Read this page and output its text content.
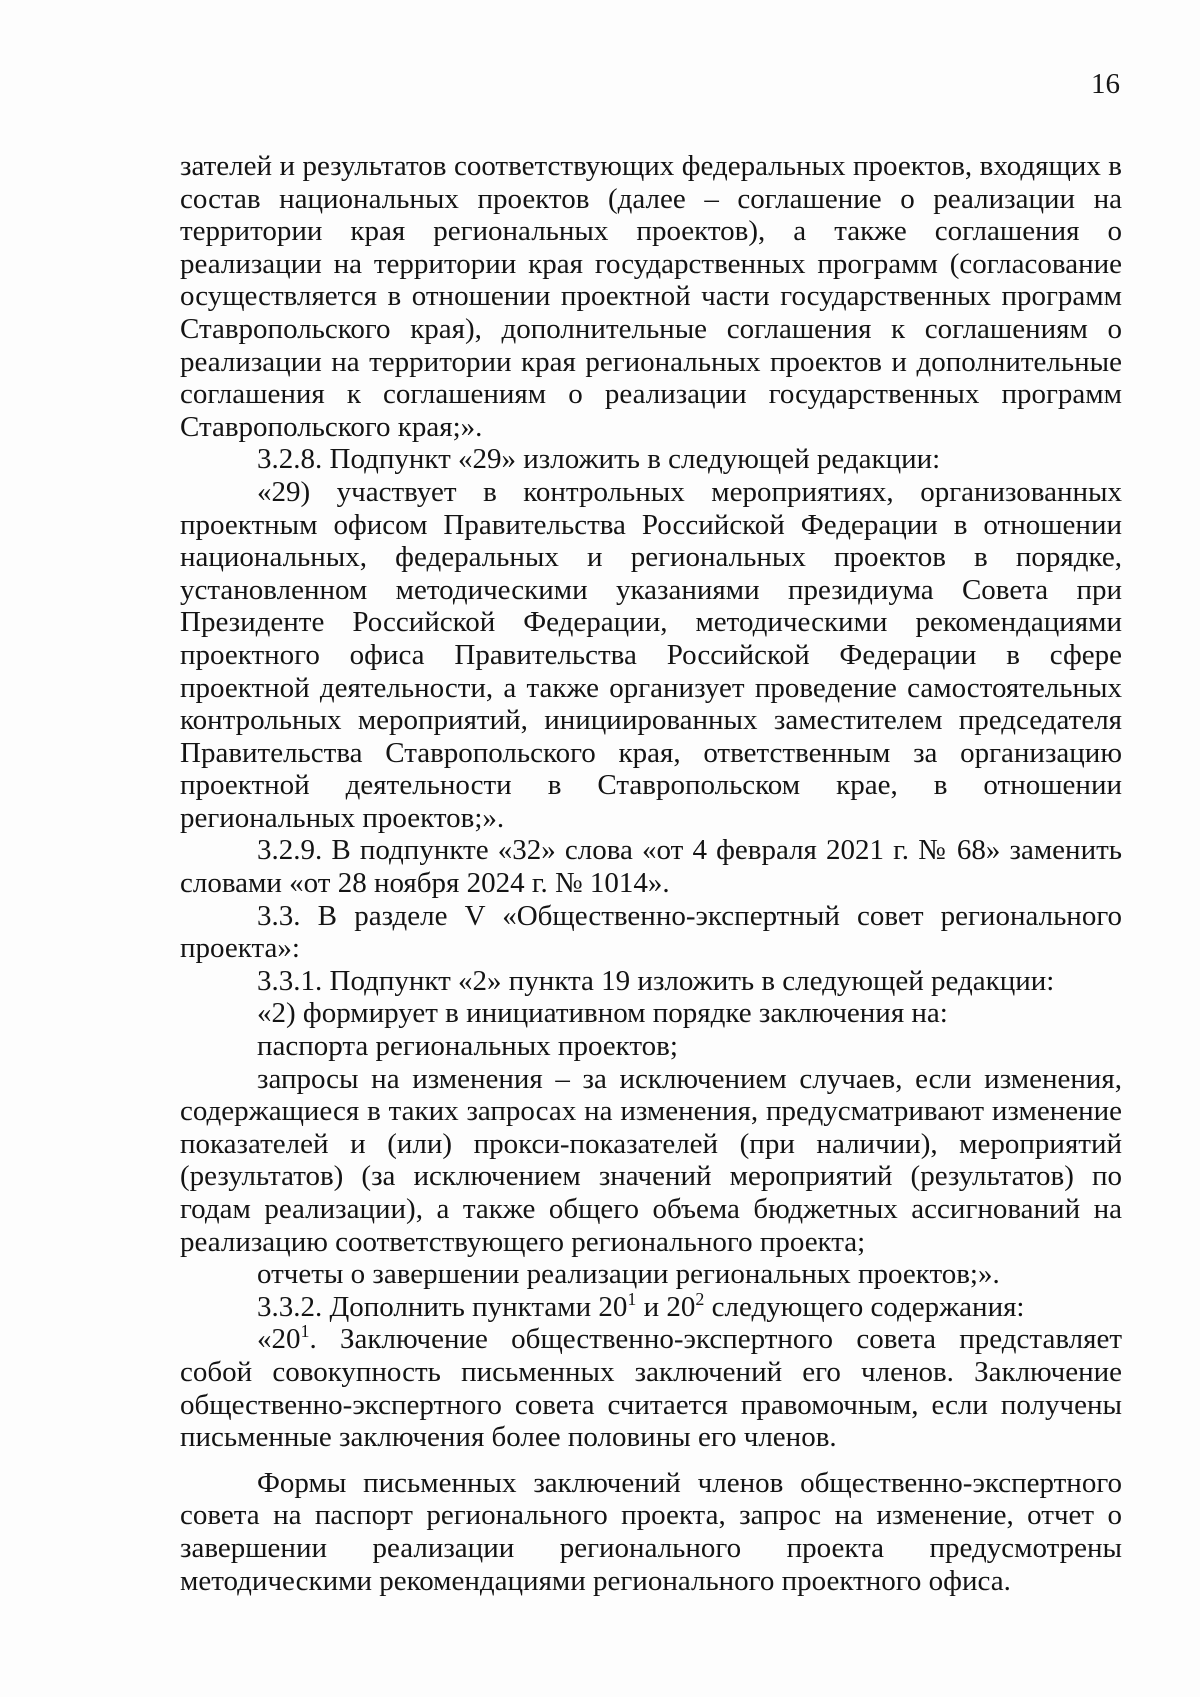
16

зателей и результатов соответствующих федеральных проектов, входящих в состав национальных проектов (далее – соглашение о реализации на территории края региональных проектов), а также соглашения о реализации на территории края государственных программ (согласование осуществляется в отношении проектной части государственных программ Ставропольского края), дополнительные соглашения к соглашениям о реализации на территории края региональных проектов и дополнительные соглашения к соглашениям о реализации государственных программ Ставропольского края;».

3.2.8. Подпункт «29» изложить в следующей редакции:

«29) участвует в контрольных мероприятиях, организованных проектным офисом Правительства Российской Федерации в отношении национальных, федеральных и региональных проектов в порядке, установленном методическими указаниями президиума Совета при Президенте Российской Федерации, методическими рекомендациями проектного офиса Правительства Российской Федерации в сфере проектной деятельности, а также организует проведение самостоятельных контрольных мероприятий, инициированных заместителем председателя Правительства Ставропольского края, ответственным за организацию проектной деятельности в Ставропольском крае, в отношении региональных проектов;».

3.2.9. В подпункте «32» слова «от 4 февраля 2021 г. № 68» заменить словами «от 28 ноября 2024 г. № 1014».

3.3. В разделе V «Общественно-экспертный совет регионального проекта»:

3.3.1. Подпункт «2» пункта 19 изложить в следующей редакции:

«2) формирует в инициативном порядке заключения на:

паспорта региональных проектов;

запросы на изменения – за исключением случаев, если изменения, содержащиеся в таких запросах на изменения, предусматривают изменение показателей и (или) прокси-показателей (при наличии), мероприятий (результатов) (за исключением значений мероприятий (результатов) по годам реализации), а также общего объема бюджетных ассигнований на реализацию соответствующего регионального проекта;

отчеты о завершении реализации региональных проектов;».

3.3.2. Дополнить пунктами $20^1$ и $20^2$ следующего содержания:

«$20^1$. Заключение общественно-экспертного совета представляет собой совокупность письменных заключений его членов. Заключение общественно-экспертного совета считается правомочным, если получены письменные заключения более половины его членов.

Формы письменных заключений членов общественно-экспертного совета на паспорт регионального проекта, запрос на изменение, отчет о завершении реализации регионального проекта предусмотрены методическими рекомендациями регионального проектного офиса.
